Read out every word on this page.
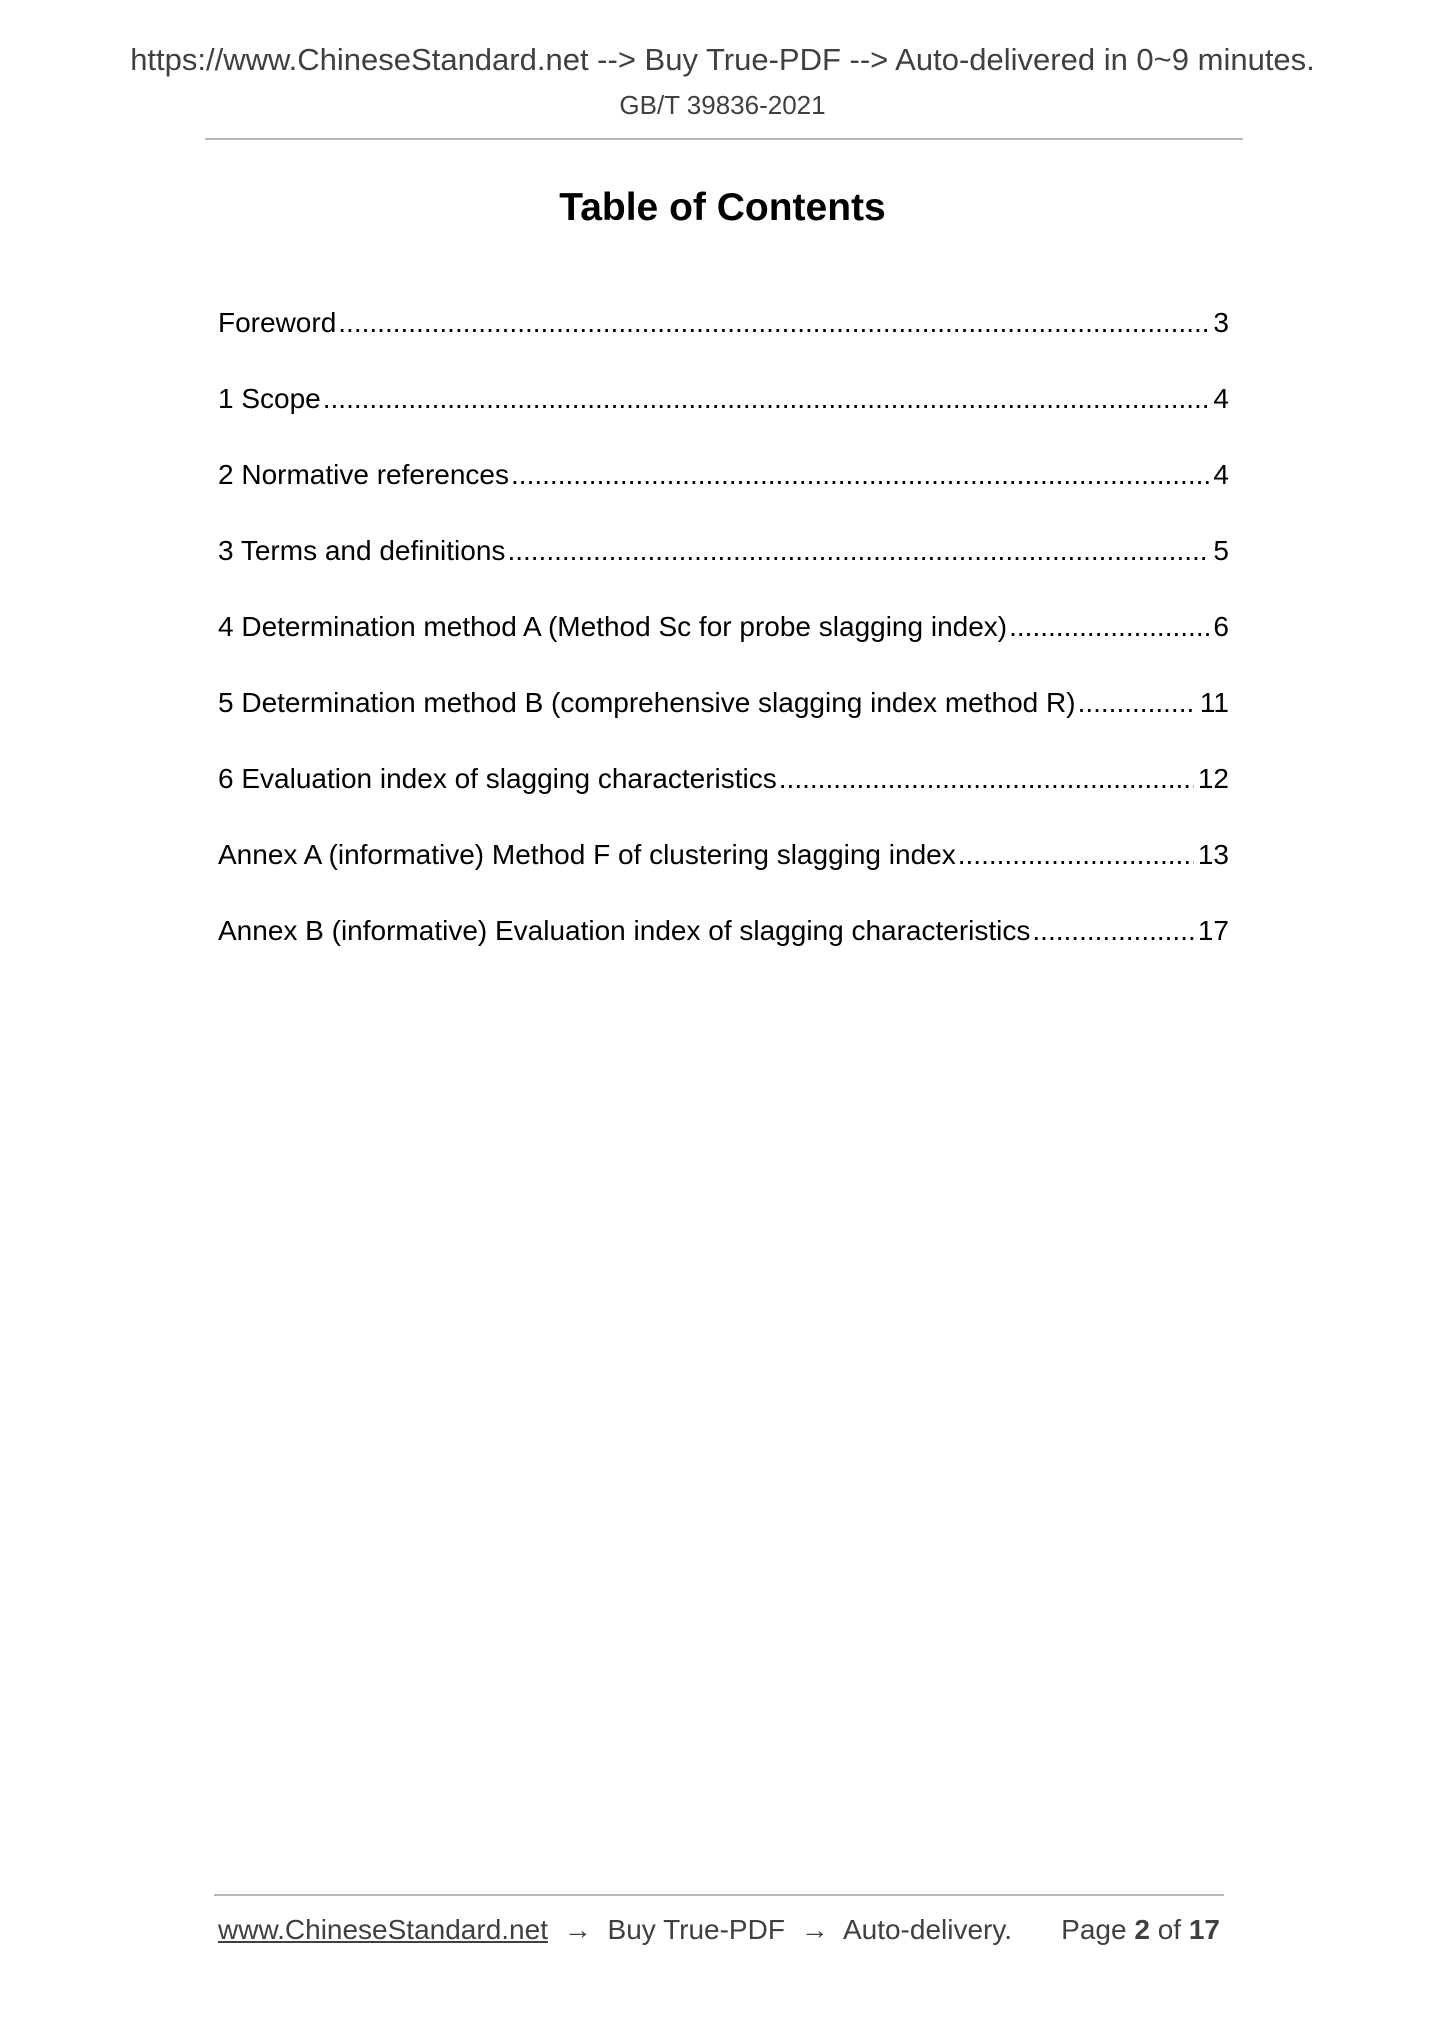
https://www.ChineseStandard.net --> Buy True-PDF --> Auto-delivered in 0~9 minutes.
GB/T 39836-2021
Table of Contents
Foreword .....	3
1 Scope .....	4
2 Normative references .....	4
3 Terms and definitions .....	5
4 Determination method A (Method Sc for probe slagging index) .....	6
5 Determination method B (comprehensive slagging index method R) .....	11
6 Evaluation index of slagging characteristics .....	12
Annex A (informative) Method F of clustering slagging index .....	13
Annex B (informative) Evaluation index of slagging characteristics .....	17
www.ChineseStandard.net → Buy True-PDF → Auto-delivery. Page 2 of 17
